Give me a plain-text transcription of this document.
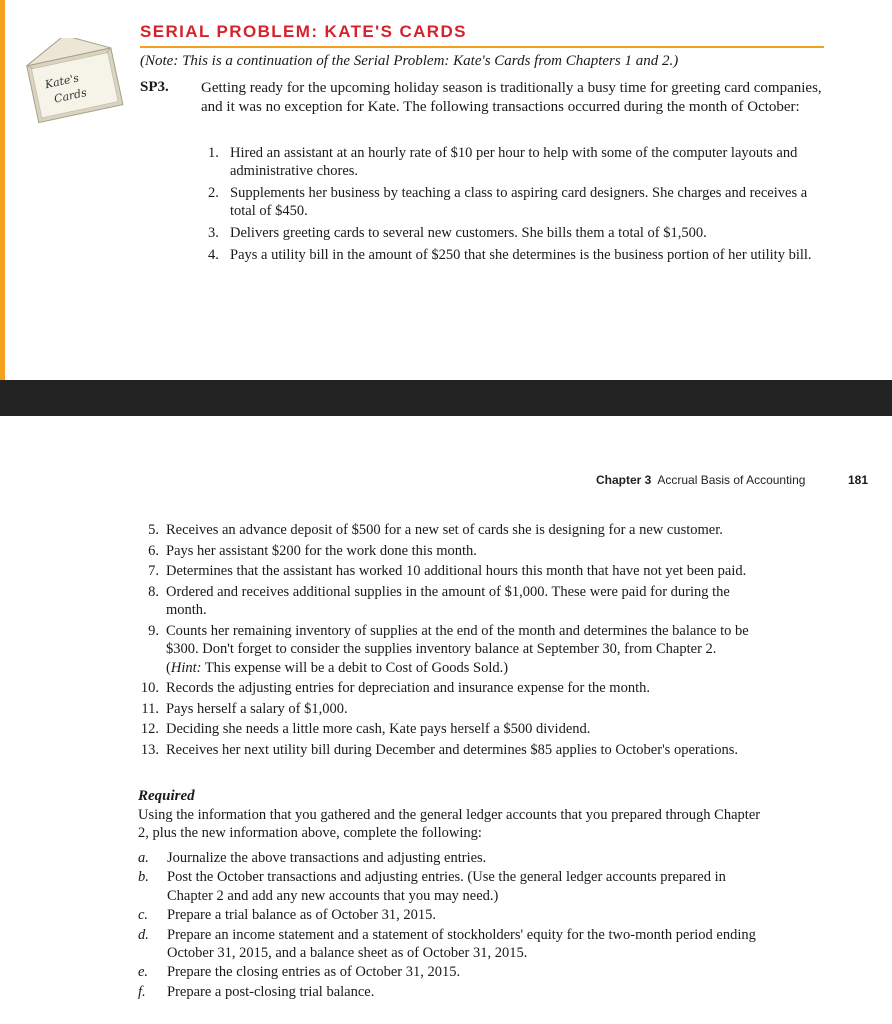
Kate's
Cards
SERIAL PROBLEM: KATE'S CARDS
(Note: This is a continuation of the Serial Problem: Kate's Cards from Chapters 1 and 2.)
SP3. Getting ready for the upcoming holiday season is traditionally a busy time for greeting card companies, and it was no exception for Kate. The following transactions occurred during the month of October:
1. Hired an assistant at an hourly rate of $10 per hour to help with some of the computer layouts and administrative chores.
2. Supplements her business by teaching a class to aspiring card designers. She charges and receives a total of $450.
3. Delivers greeting cards to several new customers. She bills them a total of $1,500.
4. Pays a utility bill in the amount of $250 that she determines is the business portion of her utility bill.
Chapter 3 Accrual Basis of Accounting	181
5. Receives an advance deposit of $500 for a new set of cards she is designing for a new customer.
6. Pays her assistant $200 for the work done this month.
7. Determines that the assistant has worked 10 additional hours this month that have not yet been paid.
8. Ordered and receives additional supplies in the amount of $1,000. These were paid for during the month.
9. Counts her remaining inventory of supplies at the end of the month and determines the balance to be $300. Don't forget to consider the supplies inventory balance at September 30, from Chapter 2.
(Hint: This expense will be a debit to Cost of Goods Sold.)
10. Records the adjusting entries for depreciation and insurance expense for the month.
11. Pays herself a salary of $1,000.
12. Deciding she needs a little more cash, Kate pays herself a $500 dividend.
13. Receives her next utility bill during December and determines $85 applies to October's operations.
Required
Using the information that you gathered and the general ledger accounts that you prepared through Chapter 2, plus the new information above, complete the following:
a. Journalize the above transactions and adjusting entries.
b. Post the October transactions and adjusting entries. (Use the general ledger accounts prepared in Chapter 2 and add any new accounts that you may need.)
c. Prepare a trial balance as of October 31, 2015.
d. Prepare an income statement and a statement of stockholders' equity for the two-month period ending October 31, 2015, and a balance sheet as of October 31, 2015.
e. Prepare the closing entries as of October 31, 2015.
f. Prepare a post-closing trial balance.
